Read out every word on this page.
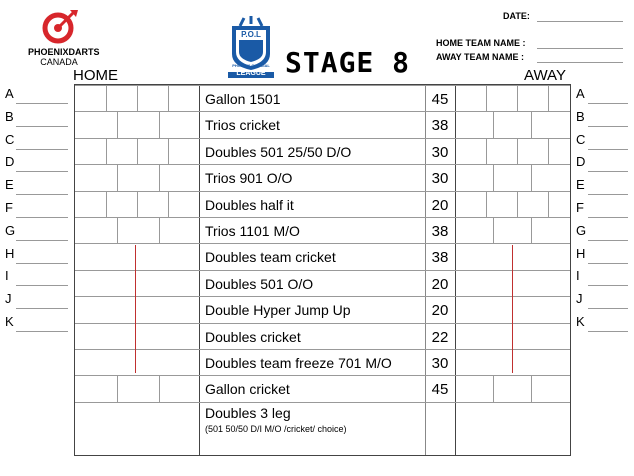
PHOENIXDARTS
CANADA
P.O.L
PHOENIX OFFICIAL
LEAGUE STAGE 8
DATE:
HOME TEAM NAME :
AWAY TEAM NAME :
HOME	AWAY
A
B
C
D
E
F
G
H
I
J
K
A
B
C
D
E
F
G
H
I
J
K
Gallon 1501	45
Trios cricket	38
Doubles 501 25/50 D/O	30
Trios 901 O/O	30
Doubles half it	20
Trios 1101 M/O	38
Doubles team cricket	38
Doubles 501 O/O	20
Double Hyper Jump Up	20
Doubles cricket	22
Doubles team freeze 701 M/O	30
Gallon cricket	45
Doubles 3 leg
(501 50/50 D/I M/O /cricket/ choice)
